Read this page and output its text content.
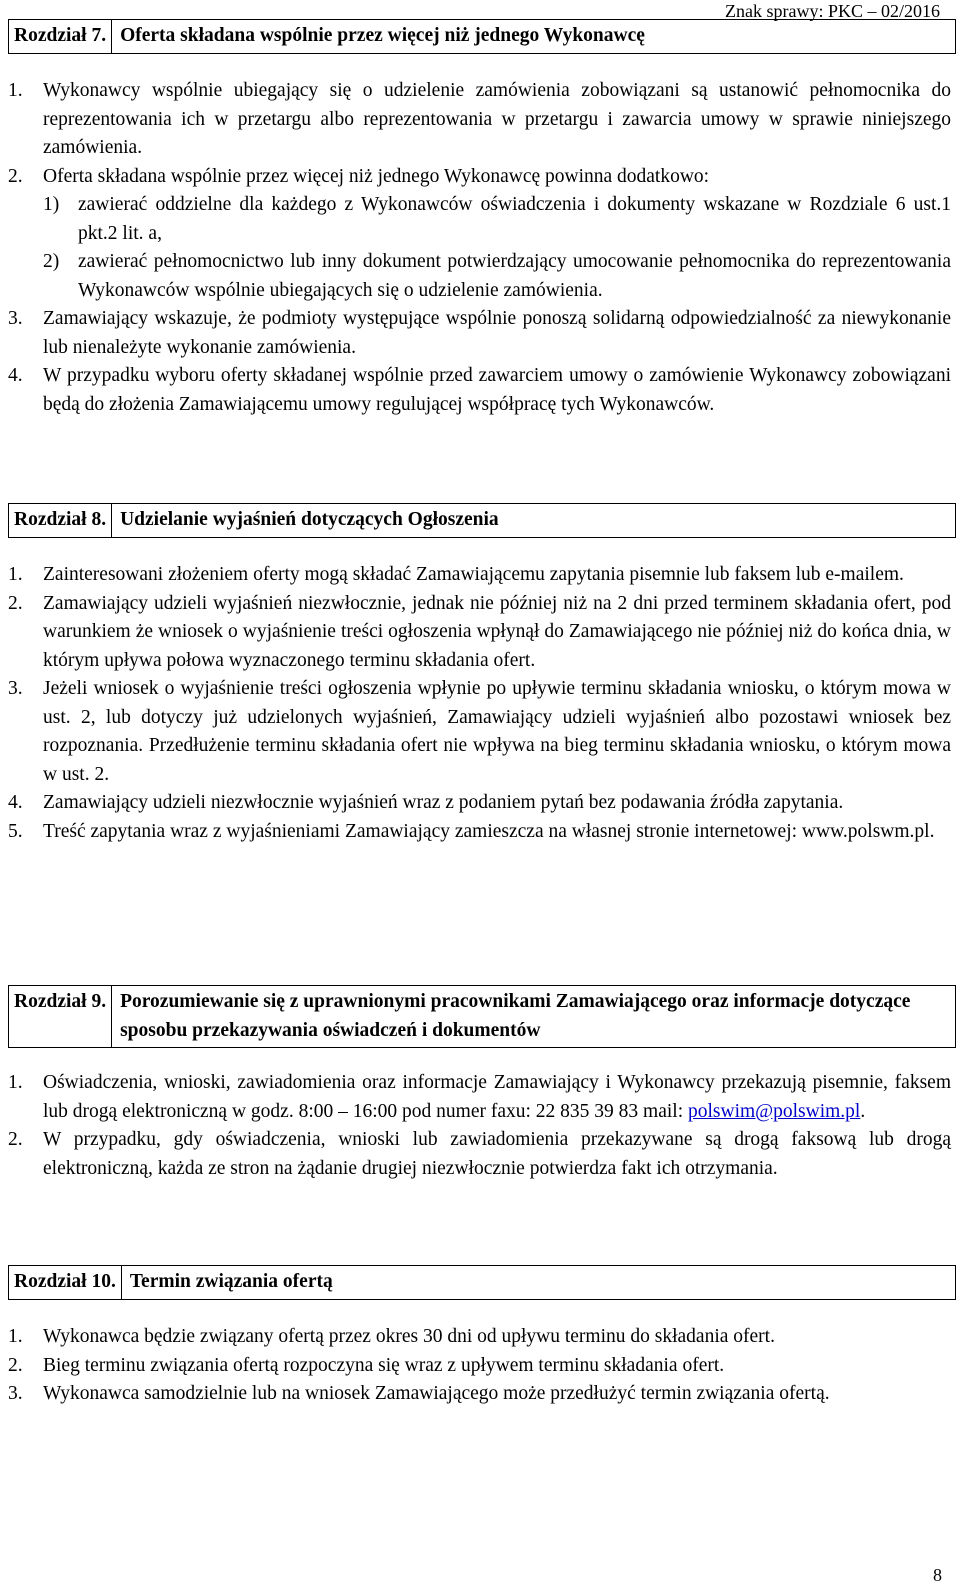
Znak sprawy: PKC – 02/2016
Rozdział 7. Oferta składana wspólnie przez więcej niż jednego Wykonawcę
1.	Wykonawcy wspólnie ubiegający się o udzielenie zamówienia zobowiązani są ustanowić pełnomocnika do reprezentowania ich w przetargu albo reprezentowania w przetargu i zawarcia umowy w sprawie niniejszego zamówienia.
2.	Oferta składana wspólnie przez więcej niż jednego Wykonawcę powinna dodatkowo:
1) zawierać oddzielne dla każdego z Wykonawców oświadczenia i dokumenty wskazane w Rozdziale 6 ust.1 pkt.2 lit. a,
2) zawierać pełnomocnictwo lub inny dokument potwierdzający umocowanie pełnomocnika do reprezentowania Wykonawców wspólnie ubiegających się o udzielenie zamówienia.
3.	Zamawiający wskazuje, że podmioty występujące wspólnie ponoszą solidarną odpowiedzialność za niewykonanie lub nienależyte wykonanie zamówienia.
4.	W przypadku wyboru oferty składanej wspólnie przed zawarciem umowy o zamówienie Wykonawcy zobowiązani będą do złożenia Zamawiającemu umowy regulującej współpracę tych Wykonawców.
Rozdział 8. Udzielanie wyjaśnień dotyczących Ogłoszenia
1.	Zainteresowani złożeniem oferty mogą składać Zamawiającemu zapytania pisemnie lub faksem lub e-mailem.
2.	Zamawiający udzieli wyjaśnień niezwłocznie, jednak nie później niż na 2 dni przed terminem składania ofert, pod warunkiem że wniosek o wyjaśnienie treści ogłoszenia wpłynął do Zamawiającego nie później niż do końca dnia, w którym upływa połowa wyznaczonego terminu składania ofert.
3.	Jeżeli wniosek o wyjaśnienie treści ogłoszenia wpłynie po upływie terminu składania wniosku, o którym mowa w ust. 2, lub dotyczy już udzielonych wyjaśnień, Zamawiający udzieli wyjaśnień albo pozostawi wniosek bez rozpoznania. Przedłużenie terminu składania ofert nie wpływa na bieg terminu składania wniosku, o którym mowa w ust. 2.
4.	Zamawiający udzieli niezwłocznie wyjaśnień wraz z podaniem pytań bez podawania źródła zapytania.
5.	Treść zapytania wraz z wyjaśnieniami Zamawiający zamieszcza na własnej stronie internetowej: www.polswm.pl.
Rozdział 9. Porozumiewanie się z uprawnionymi pracownikami Zamawiającego oraz informacje dotyczące sposobu przekazywania oświadczeń i dokumentów
1.	Oświadczenia, wnioski, zawiadomienia oraz informacje Zamawiający i Wykonawcy przekazują pisemnie, faksem lub drogą elektroniczną w godz. 8:00 – 16:00 pod numer faxu: 22 835 39 83 mail: polswim@polswim.pl.
2.	W przypadku, gdy oświadczenia, wnioski lub zawiadomienia przekazywane są drogą faksową lub drogą elektroniczną, każda ze stron na żądanie drugiej niezwłocznie potwierdza fakt ich otrzymania.
Rozdział 10. Termin związania ofertą
1.	Wykonawca będzie związany ofertą przez okres 30 dni od upływu terminu do składania ofert.
2.	Bieg terminu związania ofertą rozpoczyna się wraz z upływem terminu składania ofert.
3.	Wykonawca samodzielnie lub na wniosek Zamawiającego może przedłużyć termin związania ofertą.
8
